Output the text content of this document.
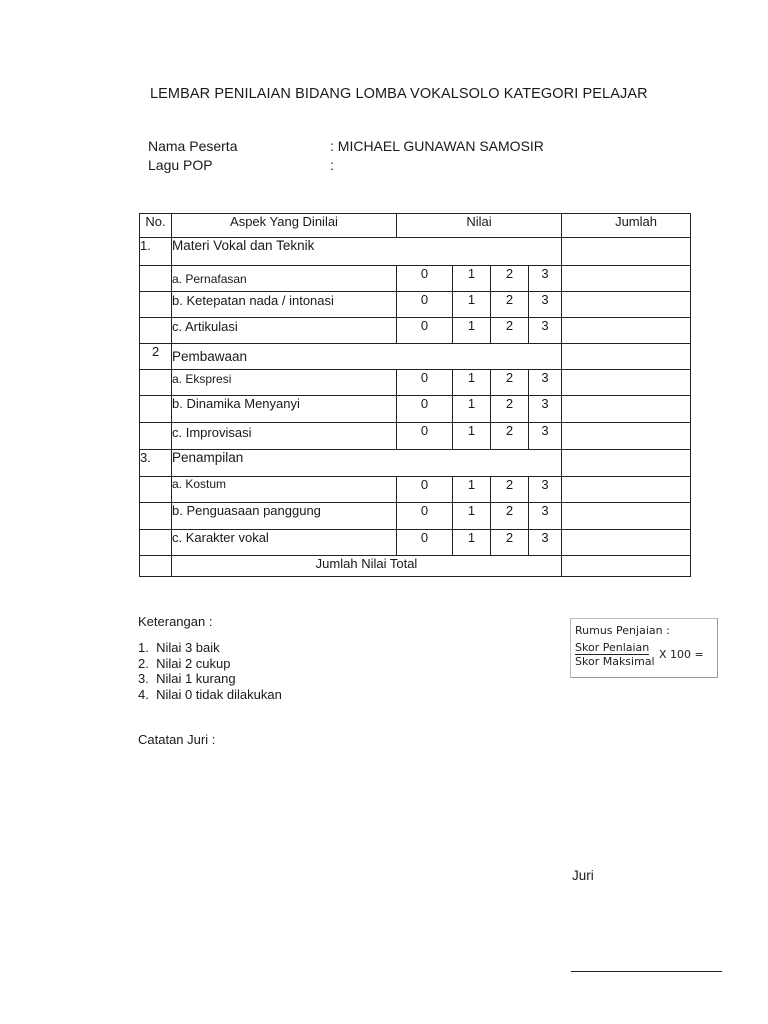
LEMBAR PENILAIAN BIDANG LOMBA VOKALSOLO KATEGORI PELAJAR
Nama Peserta	: MICHAEL GUNAWAN SAMOSIR
Lagu POP	:
No.	Aspek Yang Dinilai	Nilai				Jumlah
1.	Materi Vokal dan Teknik					
	a. Pernafasan	0	1	2	3	
	b. Ketepatan nada / intonasi	0	1	2	3	
	c. Artikulasi	0	1	2	3	
2	Pembawaan					
	a. Ekspresi	0	1	2	3	
	b. Dinamika Menyanyi	0	1	2	3	
	c. Improvisasi	0	1	2	3	
3.	Penampilan					
	a. Kostum	0	1	2	3	
	b. Penguasaan panggung	0	1	2	3	
	c. Karakter vokal	0	1	2	3	
	Jumlah Nilai Total					
Keterangan :
1.  Nilai 3 baik
2.  Nilai 2 cukup
3.  Nilai 1 kurang
4.  Nilai 0 tidak dilakukan
Rumus Penjaian :
Skor Penlaian
Skor Maksimal
X 100 =
Catatan Juri :
Juri
